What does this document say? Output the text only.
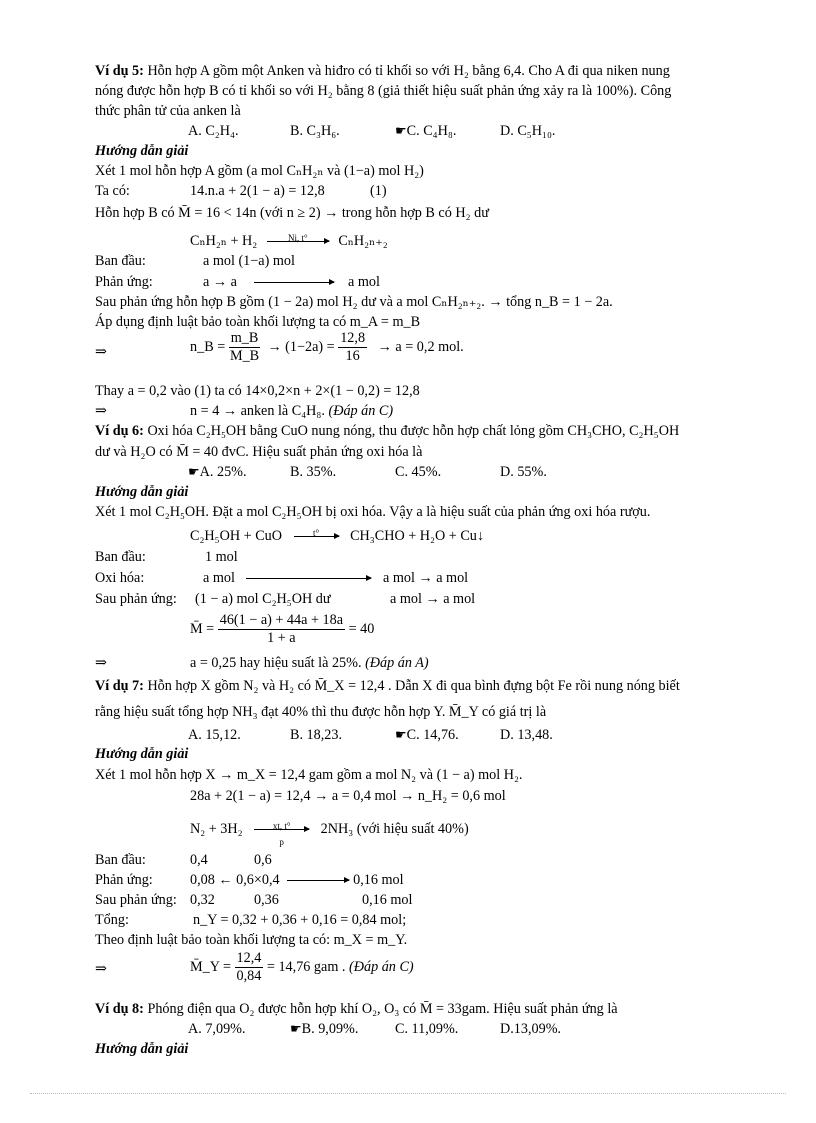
Ví dụ 5: Hỗn hợp A gồm một Anken và hiđro có tỉ khối so với H₂ bằng 6,4. Cho A đi qua niken nung
nóng được hỗn hợp B có tỉ khối so với H₂ bằng 8 (giả thiết hiệu suất phản ứng xảy ra là 100%). Công
thức phân tử của anken là
A. C₂H₄.	B. C₃H₆.	☛C. C₄H₈.	D. C₅H₁₀.
Hướng dẫn giải
Xét 1 mol hỗn hợp A gồm (a mol CₙH₂ₙ và (1−a) mol H₂)
Ta có:	14.n.a + 2(1 − a) = 12,8	(1)
Hỗn hợp B có M̄ = 16 < 14n (với n ≥ 2) → trong hỗn hợp B có H₂ dư
CₙH₂ₙ + H₂	Ni, t°	CₙH₂ₙ₊₂
Ban đầu:	a mol (1−a) mol
Phản ứng:	a → a	a mol
Sau phản ứng hỗn hợp B gồm (1 − 2a) mol H₂ dư và a mol CₙH₂ₙ₊₂. → tổng n_B = 1 − 2a.
Áp dụng định luật bảo toàn khối lượng ta có m_A = m_B
⇒	n_B = $\frac{m\_B}{M\_B} \to (1-2a) = \frac{12,8}{16} \to a = 0,2$ mol.
Thay a = 0,2 vào (1) ta có 14×0,2×n + 2×(1 − 0,2) = 12,8
⇒	n = 4 → anken là C₄H₈. (Đáp án C)
Ví dụ 6: Oxi hóa C₂H₅OH bằng CuO nung nóng, thu được hỗn hợp chất lỏng gồm CH₃CHO, C₂H₅OH
dư và H₂O có M̄ = 40 đvC. Hiệu suất phản ứng oxi hóa là
☛A. 25%.	B. 35%.	C. 45%.	D. 55%.
Hướng dẫn giải
Xét 1 mol C₂H₅OH. Đặt a mol C₂H₅OH bị oxi hóa. Vậy a là hiệu suất của phản ứng oxi hóa rượu.
C₂H₅OH + CuO	t°	CH₃CHO + H₂O + Cu↓
Ban đầu:	1 mol
Oxi hóa:	a mol	a mol → a mol
Sau phản ứng: (1 − a) mol C₂H₅OH dư	a mol → a mol
M̄ = $\frac{46(1 - a) + 44a + 18a}{1 + a} = 40$
⇒	a = 0,25 hay hiệu suất là 25%. (Đáp án A)
Ví dụ 7: Hỗn hợp X gồm N₂ và H₂ có M̄_X = 12,4 . Dẫn X đi qua bình đựng bột Fe rồi nung nóng biết
rằng hiệu suất tổng hợp NH₃ đạt 40% thì thu được hỗn hợp Y. M̄_Y có giá trị là
A. 15,12.	B. 18,23.	☛C. 14,76.	D. 13,48.
Hướng dẫn giải
Xét 1 mol hỗn hợp X → m_X = 12,4 gam gồm a mol N₂ và (1 − a) mol H₂.
28a + 2(1 − a) = 12,4 → a = 0,4 mol → n_H₂ = 0,6 mol
N₂ + 3H₂	xt, t°
p
2NH₃ (với hiệu suất 40%)
Ban đầu:	0,4	0,6
Phản ứng:	0,08 ← 0,6×0,4	0,16 mol
Sau phản ứng: 0,32	0,36	0,16 mol
Tổng:	n_Y = 0,32 + 0,36 + 0,16 = 0,84 mol;
Theo định luật bảo toàn khối lượng ta có: m_X = m_Y.
⇒	M̄_Y = $\frac{12,4}{0,84} = 14,76$ gam . (Đáp án C)
Ví dụ 8: Phóng điện qua O₂ được hỗn hợp khí O₂, O₃ có M̄ = 33gam. Hiệu suất phản ứng là
A. 7,09%.	☛B. 9,09%.	C. 11,09%.	D.13,09%.
Hướng dẫn giải
